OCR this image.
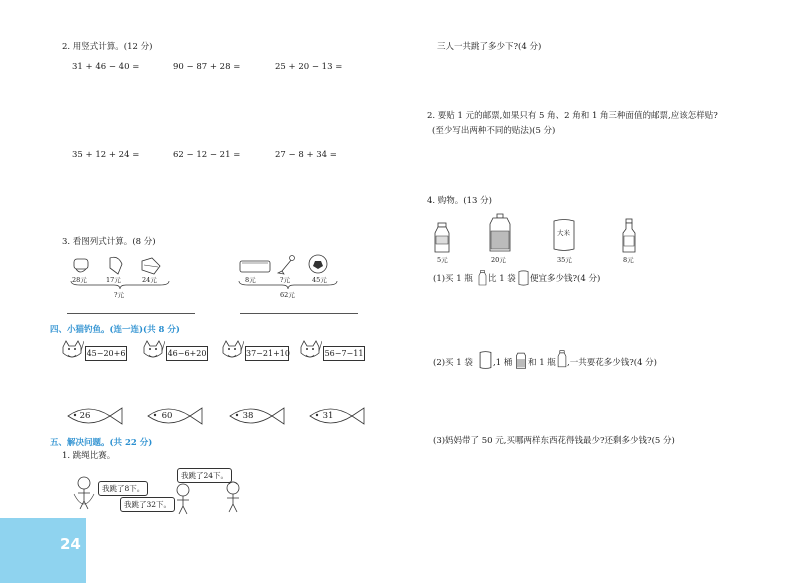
2. 用竖式计算。(12 分)
31 + 46 − 40 =	90 − 87 + 28 =	25 + 20 − 13 =
35 + 12 + 24 =	62 − 12 − 21 =	27 − 8 + 34 =
3. 看图列式计算。(8 分)
28元	17元	24元
?元
8元	?元	45元
62元
四、小猫钓鱼。(连一连)(共 8 分)
45−20+6	46−6+20	37−21+10	56−7−11
26	60	38	31
五、解决问题。(共 22 分)
1. 跳绳比赛。
我跳了8下。
我跳了24下。
我跳了32下。
24
三人一共跳了多少下?(4 分)
2. 要贴 1 元的邮票,如果只有 5 角、2 角和 1 角三种面值的邮票,应该怎样贴?
(至少写出两种不同的贴法)(5 分)
4. 购物。(13 分)
5元	20元
大米
35元	8元
(1)买 1 瓶 比 1 袋 便宜多少钱?(4 分)
(2)买 1 袋 ,1 桶 和 1 瓶 ,一共要花多少钱?(4 分)
(3)妈妈带了 50 元,买哪两样东西花得钱最少?还剩多少钱?(5 分)
